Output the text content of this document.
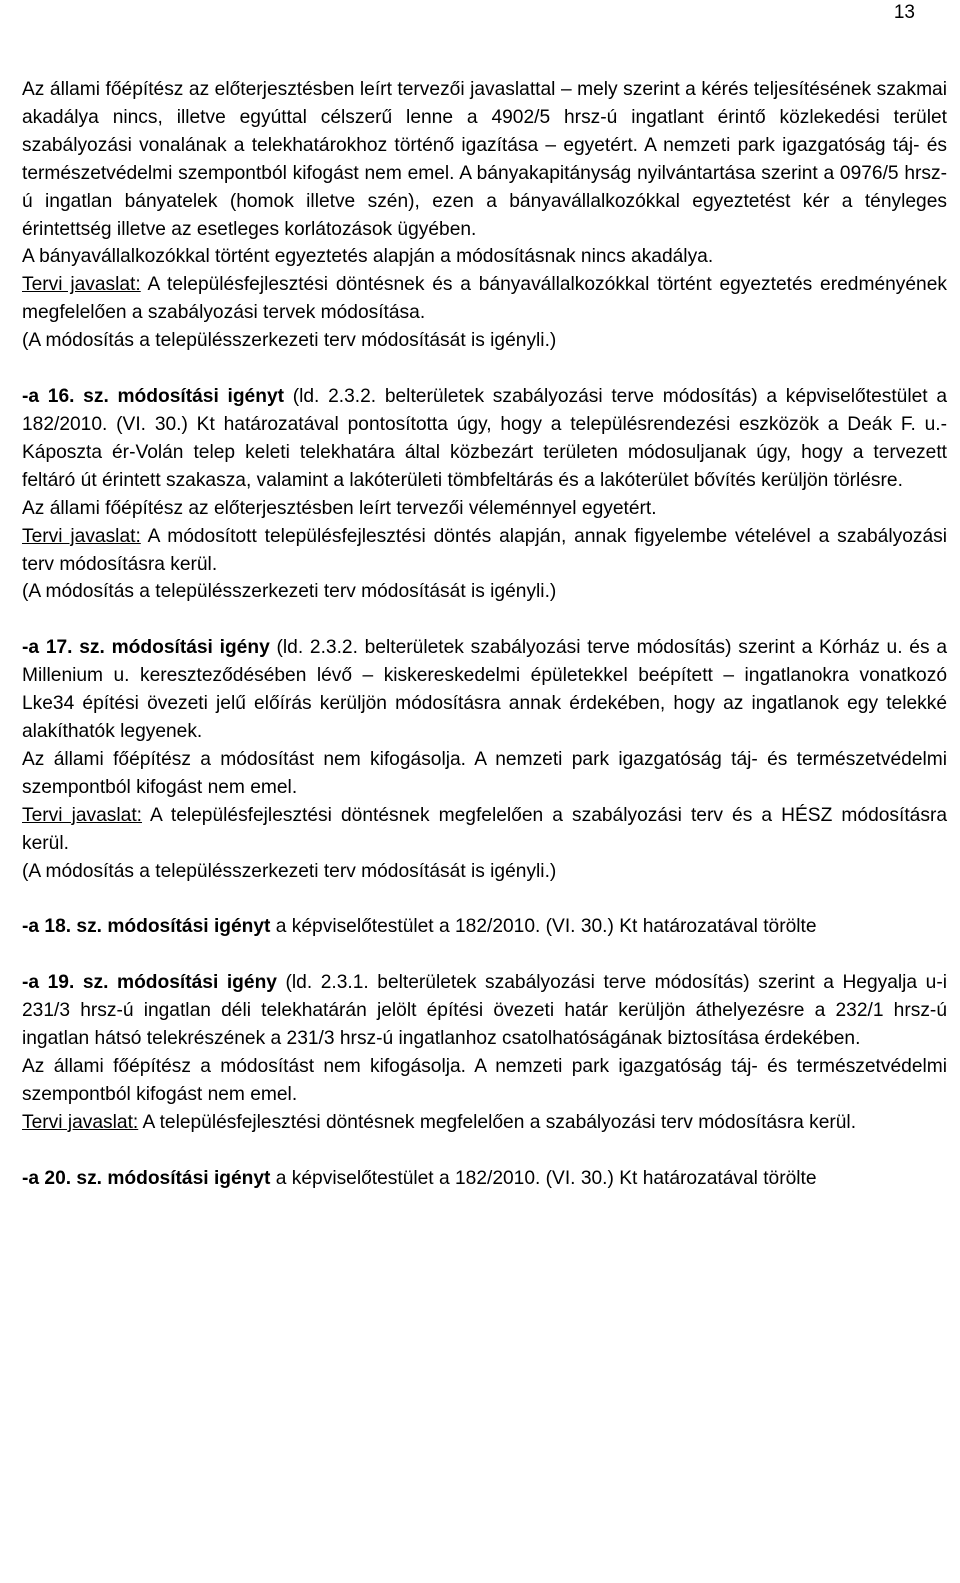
13

Az állami főépítész az előterjesztésben leírt tervezői javaslattal – mely szerint a kérés teljesítésének szakmai akadálya nincs, illetve egyúttal célszerű lenne a 4902/5 hrsz-ú ingatlant érintő közlekedési terület szabályozási vonalának a telekhatárokhoz történő igazítása – egyetért. A nemzeti park igazgatóság táj- és természetvédelmi szempontból kifogást nem emel. A bányakapitányság nyilvántartása szerint a 0976/5 hrsz-ú ingatlan bányatelek (homok illetve szén), ezen a bányavállalkozókkal egyeztetést kér a tényleges érintettség illetve az esetleges korlátozások ügyében.

A bányavállalkozókkal történt egyeztetés alapján a módosításnak nincs akadálya.

Tervi javaslat: A településfejlesztési döntésnek és a bányavállalkozókkal történt egyeztetés eredményének megfelelően a szabályozási tervek módosítása.

(A módosítás a településszerkezeti terv módosítását is igényli.)

-a 16. sz. módosítási igényt (ld. 2.3.2. belterületek szabályozási terve módosítás) a képviselőtestület a 182/2010. (VI. 30.) Kt határozatával pontosította úgy, hogy a településrendezési eszközök a Deák F. u.-Káposzta ér-Volán telep keleti telekhatára által közbezárt területen módosuljanak úgy, hogy a tervezett feltáró út érintett szakasza, valamint a lakóterületi tömbfeltárás és a lakóterület bővítés kerüljön törlésre.

Az állami főépítész az előterjesztésben leírt tervezői véleménnyel egyetért.

Tervi javaslat: A módosított településfejlesztési döntés alapján, annak figyelembe vételével a szabályozási terv módosításra kerül.

(A módosítás a településszerkezeti terv módosítását is igényli.)

-a 17. sz. módosítási igény (ld. 2.3.2. belterületek szabályozási terve módosítás) szerint a Kórház u. és a Millenium u. kereszteződésében lévő – kiskereskedelmi épületekkel beépített – ingatlanokra vonatkozó Lke34 építési övezeti jelű előírás kerüljön módosításra annak érdekében, hogy az ingatlanok egy telekké alakíthatók legyenek.

Az állami főépítész a módosítást nem kifogásolja. A nemzeti park igazgatóság táj- és természetvédelmi szempontból kifogást nem emel.

Tervi javaslat: A településfejlesztési döntésnek megfelelően a szabályozási terv és a HÉSZ módosításra kerül.

(A módosítás a településszerkezeti terv módosítását is igényli.)

-a 18. sz. módosítási igényt a képviselőtestület a 182/2010. (VI. 30.) Kt határozatával törölte

-a 19. sz. módosítási igény (ld. 2.3.1. belterületek szabályozási terve módosítás) szerint a Hegyalja u-i 231/3 hrsz-ú ingatlan déli telekhatárán jelölt építési övezeti határ kerüljön áthelyezésre a 232/1 hrsz-ú ingatlan hátsó telekrészének a 231/3 hrsz-ú ingatlanhoz csatolhatóságának biztosítása érdekében.

Az állami főépítész a módosítást nem kifogásolja. A nemzeti park igazgatóság táj- és természetvédelmi szempontból kifogást nem emel.

Tervi javaslat: A településfejlesztési döntésnek megfelelően a szabályozási terv módosításra kerül.

-a 20. sz. módosítási igényt a képviselőtestület a 182/2010. (VI. 30.) Kt határozatával törölte
